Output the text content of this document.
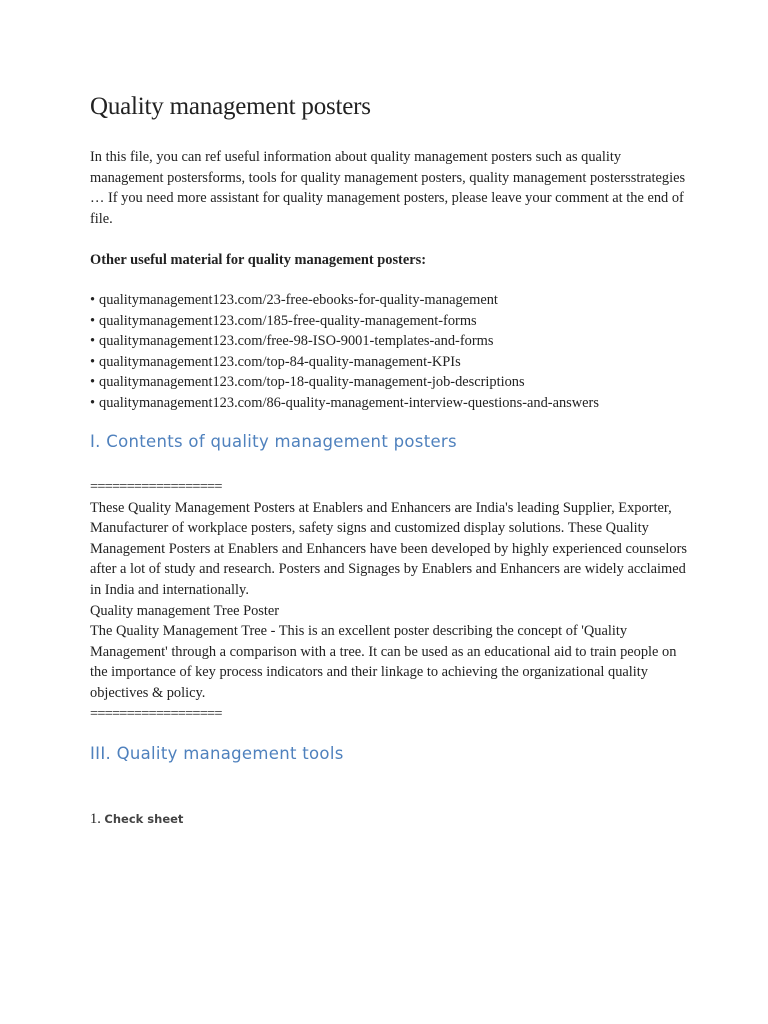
Quality management posters

In this file, you can ref useful information about quality management posters such as quality management postersforms, tools for quality management posters, quality management postersstrategies … If you need more assistant for quality management posters, please leave your comment at the end of file.

Other useful material for quality management posters:
• qualitymanagement123.com/23-free-ebooks-for-quality-management
• qualitymanagement123.com/185-free-quality-management-forms
• qualitymanagement123.com/free-98-ISO-9001-templates-and-forms
• qualitymanagement123.com/top-84-quality-management-KPIs
• qualitymanagement123.com/top-18-quality-management-job-descriptions
• qualitymanagement123.com/86-quality-management-interview-questions-and-answers
I. Contents of quality management posters
==================

These Quality Management Posters at Enablers and Enhancers are India's leading Supplier, Exporter, Manufacturer of workplace posters, safety signs and customized display solutions. These Quality Management Posters at Enablers and Enhancers have been developed by highly experienced counselors after a lot of study and research. Posters and Signages by Enablers and Enhancers are widely acclaimed in India and internationally.

Quality management Tree Poster

The Quality Management Tree - This is an excellent poster describing the concept of 'Quality Management' through a comparison with a tree. It can be used as an educational aid to train people on the importance of key process indicators and their linkage to achieving the organizational quality objectives & policy.

==================
III. Quality management tools
1. Check sheet
